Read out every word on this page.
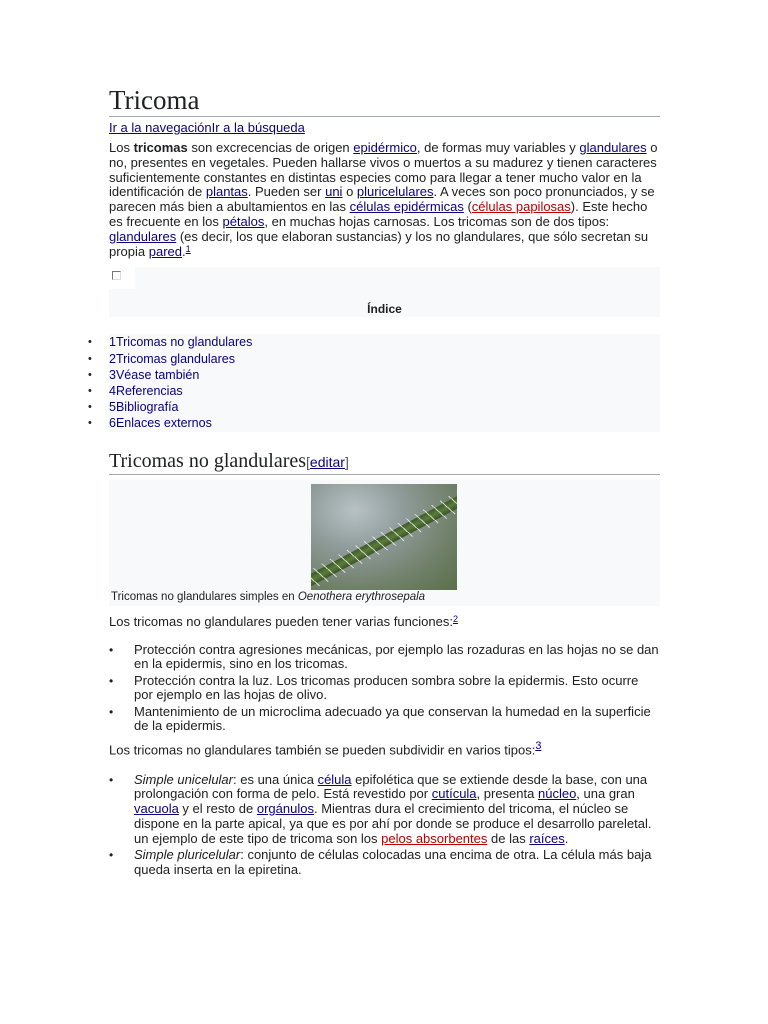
Tricoma
Ir a la navegaciónIr a la búsqueda
Los tricomas son excrecencias de origen epidérmico, de formas muy variables y glandulares o no, presentes en vegetales. Pueden hallarse vivos o muertos a su madurez y tienen caracteres suficientemente constantes en distintas especies como para llegar a tener mucho valor en la identificación de plantas. Pueden ser uni o pluricelulares. A veces son poco pronunciados, y se parecen más bien a abultamientos en las células epidérmicas (células papilosas). Este hecho es frecuente en los pétalos, en muchas hojas carnosas. Los tricomas son de dos tipos: glandulares (es decir, los que elaboran sustancias) y los no glandulares, que sólo secretan su propia pared.$^1$
Índice
• 1Tricomas no glandulares
• 2Tricomas glandulares
• 3Véase también
• 4Referencias
• 5Bibliografía
• 6Enlaces externos
Tricomas no glandulares[editar]
Tricomas no glandulares simples en Oenothera erythrosepala
Los tricomas no glandulares pueden tener varias funciones:$^2$
• Protección contra agresiones mecánicas, por ejemplo las rozaduras en las hojas no se dan en la epidermis, sino en los tricomas.
• Protección contra la luz. Los tricomas producen sombra sobre la epidermis. Esto ocurre por ejemplo en las hojas de olivo.
• Mantenimiento de un microclima adecuado ya que conservan la humedad en la superficie de la epidermis.
Los tricomas no glandulares también se pueden subdividir en varios tipos:$^3$
• Simple unicelular: es una única célula epifolética que se extiende desde la base, con una prolongación con forma de pelo. Está revestido por cutícula, presenta núcleo, una gran vacuola y el resto de orgánulos. Mientras dura el crecimiento del tricoma, el núcleo se dispone en la parte apical, ya que es por ahí por donde se produce el desarrollo pareletal. un ejemplo de este tipo de tricoma son los pelos absorbentes de las raíces.
• Simple pluricelular: conjunto de células colocadas una encima de otra. La célula más baja queda inserta en la epiretina.
